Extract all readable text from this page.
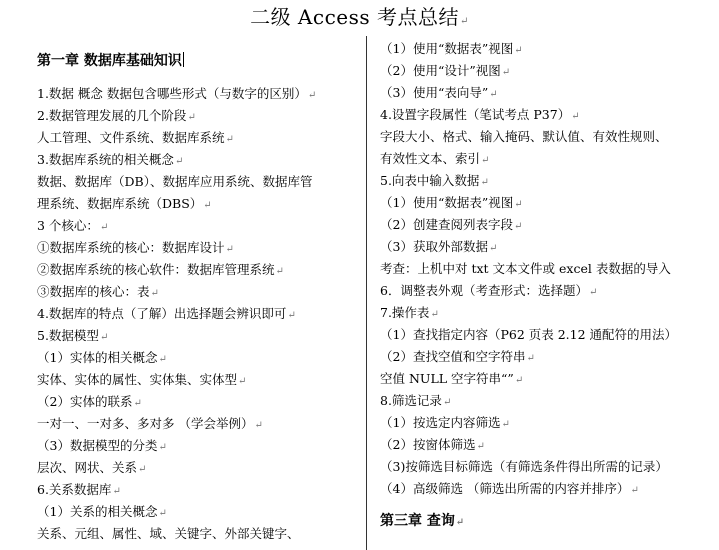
二级 Access 考点总结↵
第一章 数据库基础知识
1.数据 概念 数据包含哪些形式（与数字的区别）↵
2.数据管理发展的几个阶段↵
人工管理、文件系统、数据库系统↵
3.数据库系统的相关概念↵
数据、数据库（DB）、数据库应用系统、数据库管
理系统、数据库系统（DBS）↵
3 个核心：↵
①数据库系统的核心：数据库设计↵
②数据库系统的核心软件：数据库管理系统↵
③数据库的核心：表↵
4.数据库的特点（了解）出选择题会辨识即可↵
5.数据模型↵
（1）实体的相关概念↵
实体、实体的属性、实体集、实体型↵
（2）实体的联系↵
一对一、一对多、多对多 （学会举例）↵
（3）数据模型的分类↵
层次、网状、关系↵
6.关系数据库↵
（1）关系的相关概念↵
关系、元组、属性、域、关键字、外部关键字、
（1）使用“数据表”视图↵
（2）使用“设计”视图↵
（3）使用“表向导”↵
4.设置字段属性（笔试考点 P37）↵
字段大小、格式、输入掩码、默认值、有效性规则、
有效性文本、索引↵
5.向表中输入数据↵
（1）使用“数据表”视图↵
（2）创建查阅列表字段↵
（3）获取外部数据↵
考查：上机中对 txt 文本文件或 excel 表数据的导入
6．调整表外观（考查形式：选择题）↵
7.操作表↵
（1）查找指定内容（P62 页表 2.12 通配符的用法）
（2）查找空值和空字符串↵
空值 NULL 空字符串“”↵
8.筛选记录↵
（1）按选定内容筛选↵
（2）按窗体筛选↵
（3)按筛选目标筛选（有筛选条件得出所需的记录）
（4）高级筛选 （筛选出所需的内容并排序）↵
第三章 查询↵
